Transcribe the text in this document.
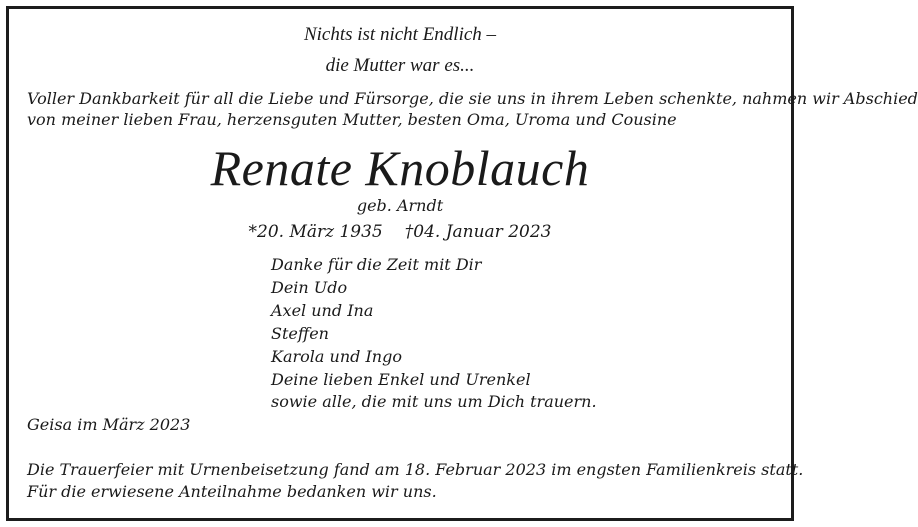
Nichts ist nicht Endlich –
die Mutter war es...
Voller Dankbarkeit für all die Liebe und Fürsorge, die sie uns in ihrem Leben schenkte, nahmen wir Abschied
von meiner lieben Frau, herzensguten Mutter, besten Oma, Uroma und Cousine
Renate Knoblauch
geb. Arndt
*20. März 1935 †04. Januar 2023
Danke für die Zeit mit Dir
Dein Udo
Axel und Ina
Steffen
Karola und Ingo
Deine lieben Enkel und Urenkel
sowie alle, die mit uns um Dich trauern.
Geisa im März 2023
Die Trauerfeier mit Urnenbeisetzung fand am 18. Februar 2023 im engsten Familienkreis statt.
Für die erwiesene Anteilnahme bedanken wir uns.
